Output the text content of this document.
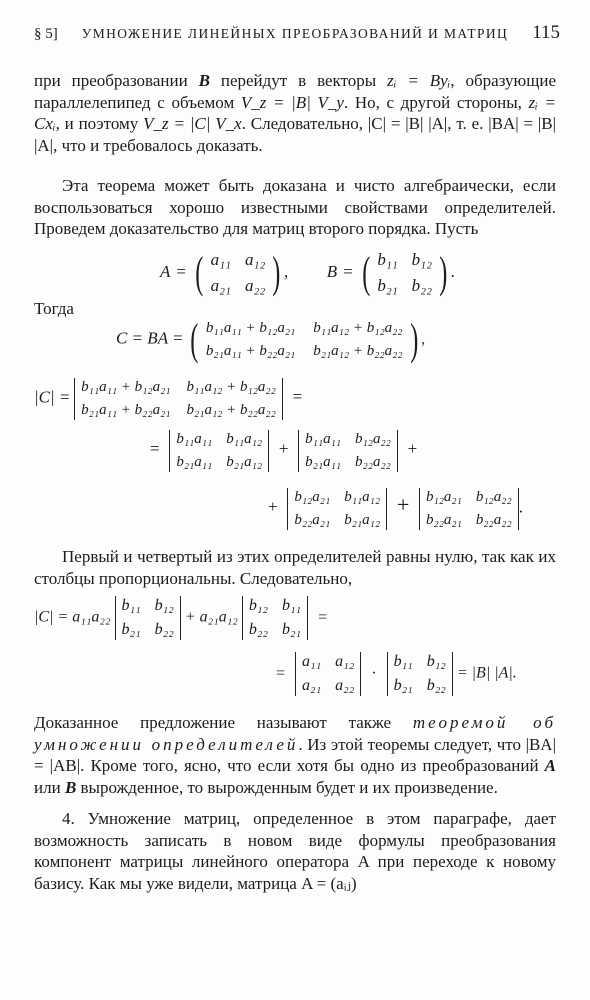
§ 5] УМНОЖЕНИЕ ЛИНЕЙНЫХ ПРЕОБРАЗОВАНИЙ И МАТРИЦ 115

при преобразовании B перейдут в векторы zᵢ = Byᵢ, образующие параллелепипед с объемом V_z = |B| V_y. Но, с другой стороны, zᵢ = Cxᵢ, и поэтому V_z = |C| V_x. Следовательно, |C| = |B| |A|, т. е. |BA| = |B| |A|, что и требовалось доказать.

Эта теорема может быть доказана и чисто алгебраически, если воспользоваться хорошо известными свойствами определителей. Проведем доказательство для матриц второго порядка. Пусть

A = ( a₁₁ a₁₂
a₂₁ a₂₂ ) , B = ( b₁₁ b₁₂
b₂₁ b₂₂ ) .
Тогда
C = BA = ( b₁₁a₁₁ + b₁₂a₂₁ b₁₁a₁₂ + b₁₂a₂₂
b₂₁a₁₁ + b₂₂a₂₁ b₂₁a₁₂ + b₂₂a₂₂ ) ,
|C| =
b₁₁a₁₁ + b₁₂a₂₁ b₁₁a₁₂ + b₁₂a₂₂
b₂₁a₁₁ + b₂₂a₂₁ b₂₁a₁₂ + b₂₂a₂₂
=
=
b₁₁a₁₁ b₁₁a₁₂
b₂₁a₁₁ b₂₁a₁₂
+
b₁₁a₁₁ b₁₂a₂₂
b₂₁a₁₁ b₂₂a₂₂
+
+
b₁₂a₂₁ b₁₁a₁₂
b₂₂a₂₁ b₂₁a₁₂
+ b₁₂a₂₁ b₁₂a₂₂
b₂₂a₂₁ b₂₂a₂₂
.

Первый и четвертый из этих определителей равны нулю, так как их столбцы пропорциональны. Следовательно,

|C| = a₁₁a₂₂
b₁₁ b₁₂
b₂₁ b₂₂
+ a₂₁a₁₂
b₁₂ b₁₁
b₂₂ b₂₁
=
=
a₁₁ a₁₂
a₂₁ a₂₂
·
b₁₁ b₁₂
b₂₁ b₂₂
= |B| |A|.

Доказанное предложение называют также теоремой об умножении определителей. Из этой теоремы следует, что |BA| = |AB|. Кроме того, ясно, что если хотя бы одно из преобразований A или B вырожденное, то вырожденным будет и их произведение.

4. Умножение матриц, определенное в этом параграфе, дает возможность записать в новом виде формулы преобразования компонент матрицы линейного оператора A при переходе к новому базису. Как мы уже видели, матрица A = (aᵢⱼ)
